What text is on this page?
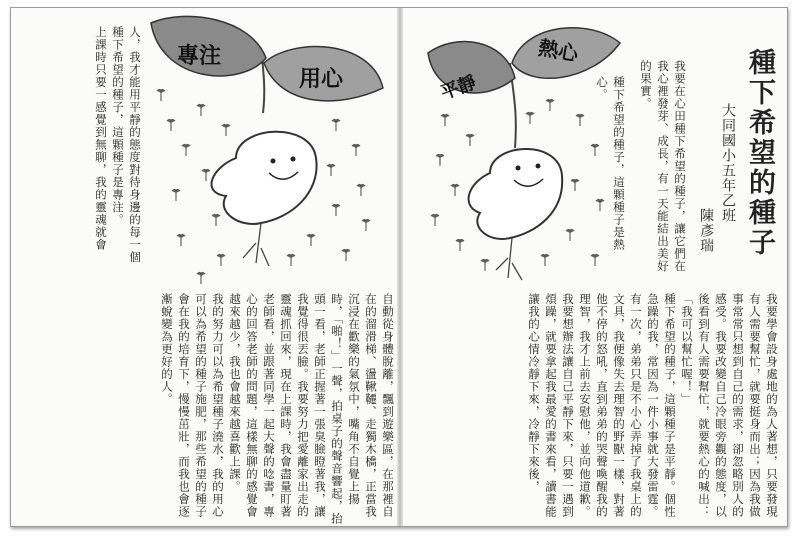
專注
用心
人，我才能用平靜的態度對待身邊的每一個
種下希望的種子，這顆種子是專注。
上課時只要一感覺到無聊，我的靈魂就會
自動從身體脫離，飄到遊樂區，在那裡自在的溜滑梯、盪鞦韆、走獨木橋，正當我沉浸在歡樂的氣氛中，嘴角不自覺上揚時，「啪！」一聲，拍桌子的聲音響起，抬頭一看，老師正握著一張臭臉瞪著我，讓我覺得很丟臉。我要努力把愛離家出走的靈魂抓回來，現在上課時，我會盡量盯著老師看，並跟著同學一起大聲的唸書，專心的回答老師的問題，這樣無聊的感覺會越來越少，我也會越來越喜歡上課。
我的努力可以為希望種子澆水，我的用心可以為希望的種子施肥，那些希望的種子會在我的培育下，慢慢茁壯，而我也會逐漸蛻變為更好的人。
平靜
熱心
我要在心田種下希望的種子，讓它們在我心裡發芽、成長，有一天能結出美好的果實。
種下希望的種子，這顆種子是熱心。	種下希望的種子
大同國小五年乙班
陳彥瑞
我要學會設身處地的為人著想，只要發現有人需要幫忙，就要挺身而出；因為我做事常常只想到自己的需求，卻忽略別人的感受。我要改變自己冷眼旁觀的態度，以後看到有人需要幫忙，就要熱心的喊出：「我可以幫忙喔！」
種下希望的種子，這顆種子是平靜。個性急躁的我，常因為一件小事就大發雷霆。有一次，弟弟只是不小心弄掉了我桌上的文具，我便像失去理智的野獸一樣，對著他不停的怒吼，直到弟弟的哭聲喚醒我的理智，我才上前去安慰他，並向他道歉。我要想辦法讓自己平靜下來，只要一遇到煩躁，就要拿起我最愛的書來看，讀書能讓我的心情冷靜下來，冷靜下來後，
